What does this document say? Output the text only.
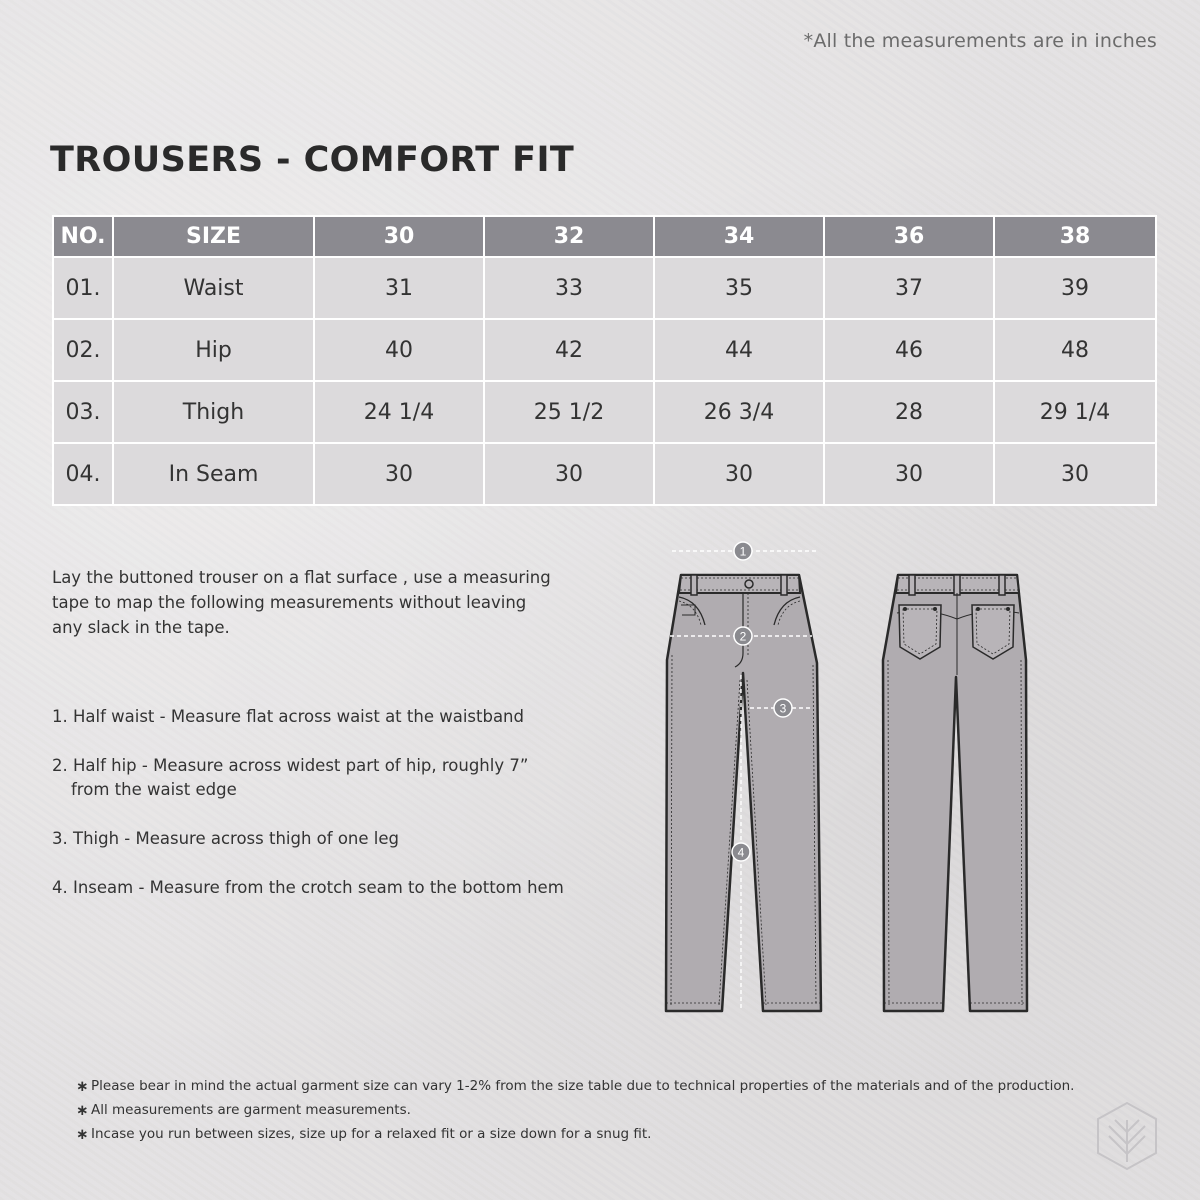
*All the measurements are in inches
TROUSERS - COMFORT FIT
NO.	SIZE	30	32	34	36	38
01.	Waist	31	33	35	37	39
02.	Hip	40	42	44	46	48
03.	Thigh	24 1/4	25 1/2	26 3/4	28	29 1/4
04.	In Seam	30	30	30	30	30

Lay the buttoned trouser on a flat surface , use a measuring tape to map the following measurements without leaving any slack in the tape.

1. Half waist - Measure flat across waist at the waistband

2. Half hip - Measure across widest part of hip, roughly 7”
from the waist edge

3. Thigh - Measure across thigh of one leg

4. Inseam - Measure from the crotch seam to the bottom hem

1
2
3
4
∗ Please bear in mind the actual garment size can vary 1-2% from the size table due to technical properties of the materials and of the production.
∗ All measurements are garment measurements.
∗ Incase you run between sizes, size up for a relaxed fit or a size down for a snug fit.
